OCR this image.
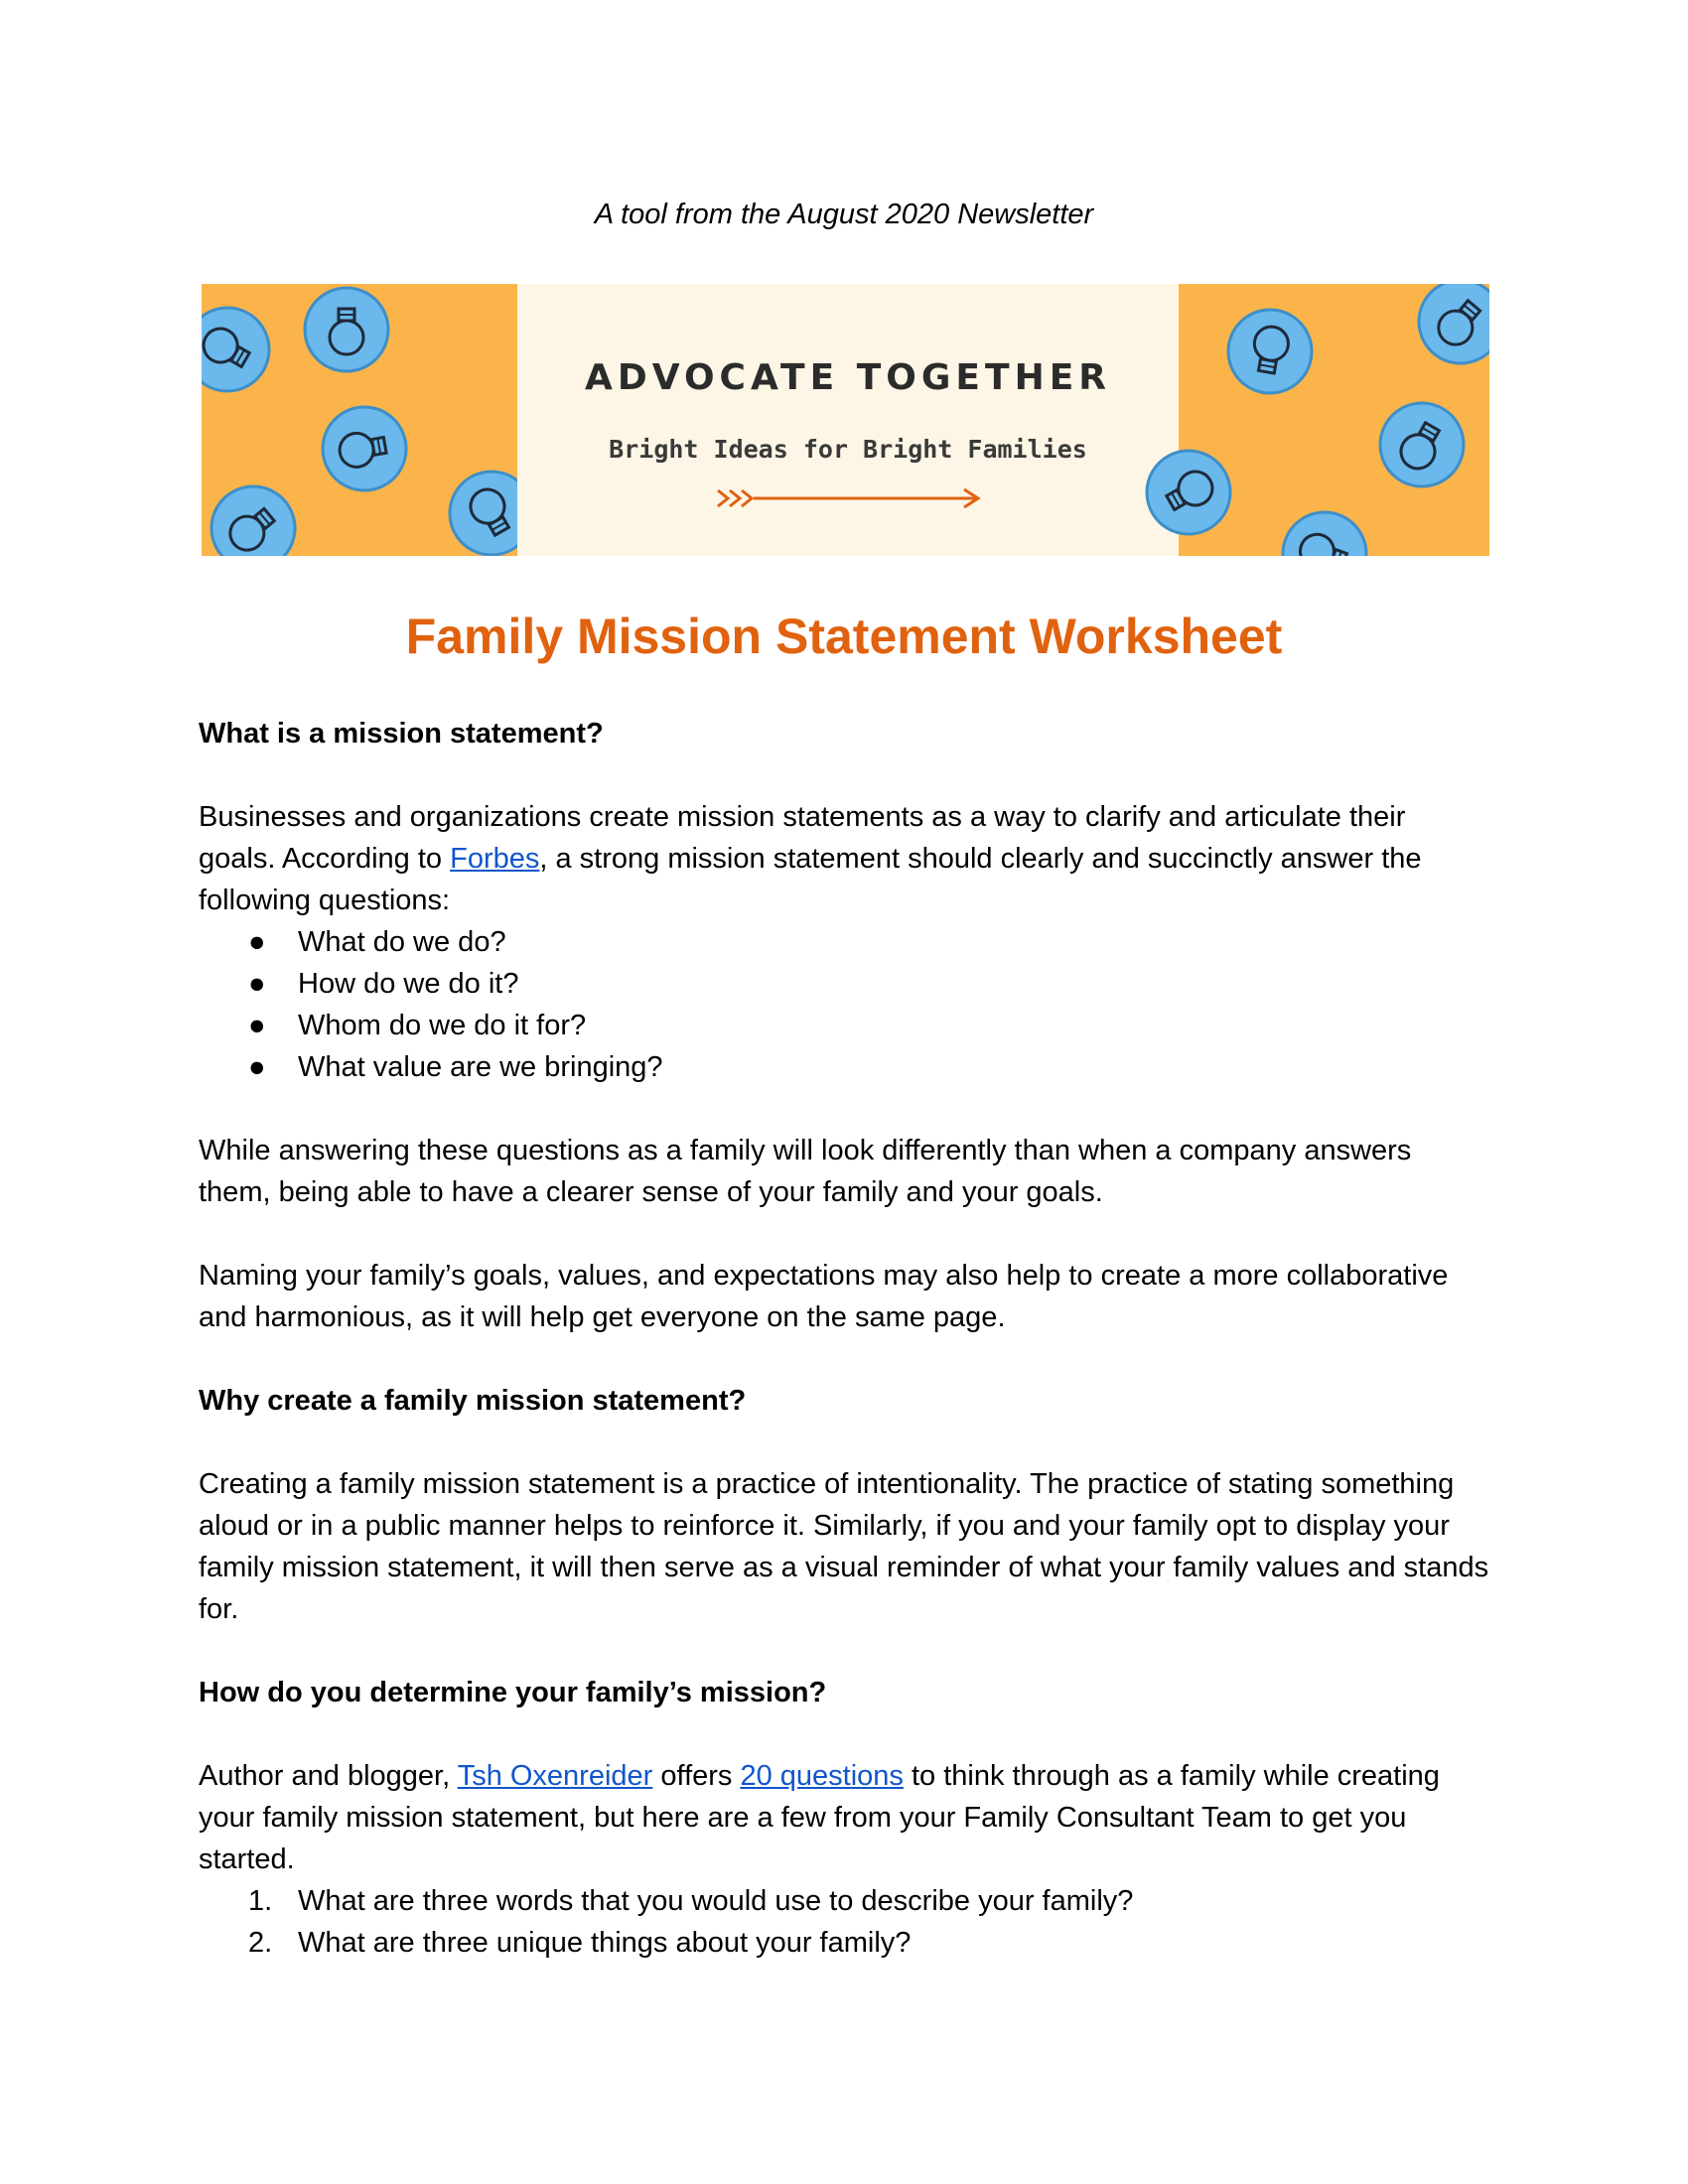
A tool from the August 2020 Newsletter
ADVOCATE TOGETHER
Bright Ideas for Bright Families
Family Mission Statement Worksheet

What is a mission statement?

Businesses and organizations create mission statements as a way to clarify and articulate their goals. According to Forbes, a strong mission statement should clearly and succinctly answer the following questions:

● What do we do?
● How do we do it?
● Whom do we do it for?
● What value are we bringing?

While answering these questions as a family will look differently than when a company answers them, being able to have a clearer sense of your family and your goals.

Naming your family’s goals, values, and expectations may also help to create a more collaborative and harmonious, as it will help get everyone on the same page.

Why create a family mission statement?

Creating a family mission statement is a practice of intentionality. The practice of stating something aloud or in a public manner helps to reinforce it. Similarly, if you and your family opt to display your family mission statement, it will then serve as a visual reminder of what your family values and stands for.

How do you determine your family’s mission?

Author and blogger, Tsh Oxenreider offers 20 questions to think through as a family while creating your family mission statement, but here are a few from your Family Consultant Team to get you started.

1. What are three words that you would use to describe your family?
2. What are three unique things about your family?
